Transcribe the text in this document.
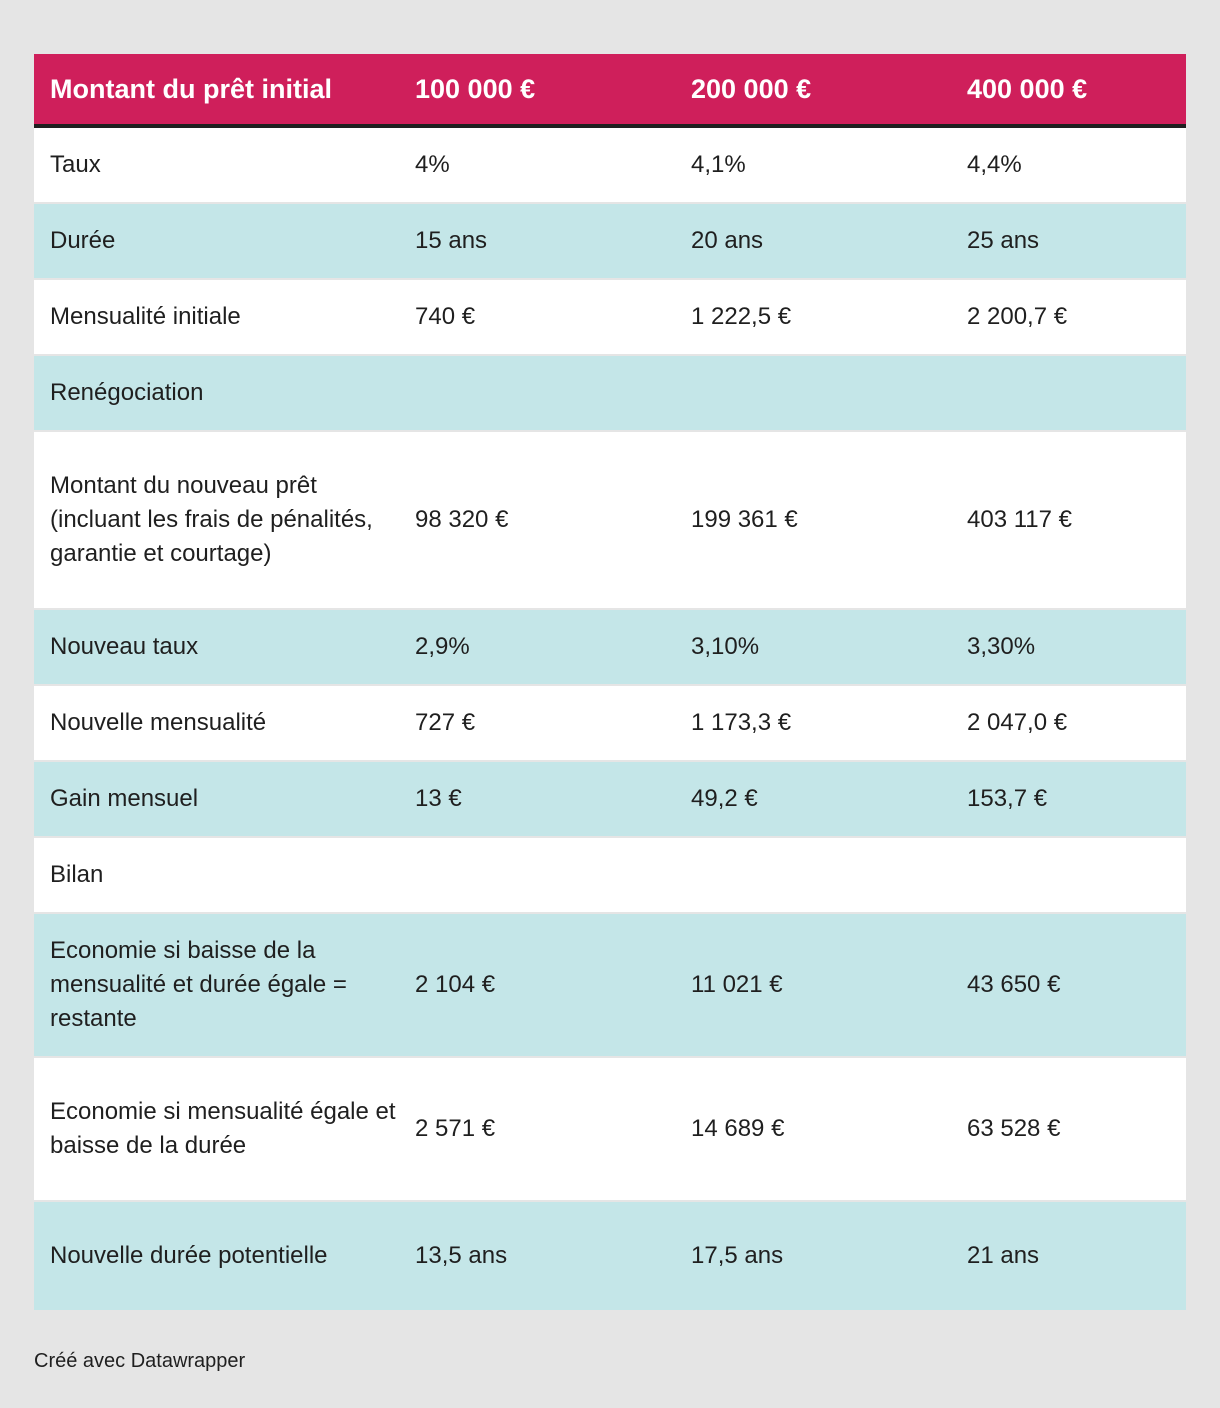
Montant du prêt initial	100 000 €	200 000 €	400 000 €
Taux	4%	4,1%	4,4%
Durée	15 ans	20 ans	25 ans
Mensualité initiale	740 €	1 222,5 €	2 200,7 €
Renégociation			
Montant du nouveau prêt (incluant les frais de pénalités, garantie et courtage)	98 320 €	199 361 €	403 117 €
Nouveau taux	2,9%	3,10%	3,30%
Nouvelle mensualité	727 €	1 173,3 €	2 047,0 €
Gain mensuel	13 €	49,2 €	153,7 €
Bilan			
Economie si baisse de la mensualité et durée égale = restante	2 104 €	11 021 €	43 650 €
Economie si mensualité égale et baisse de la durée	2 571 €	14 689 €	63 528 €
Nouvelle durée potentielle	13,5 ans	17,5 ans	21 ans
Créé avec Datawrapper
